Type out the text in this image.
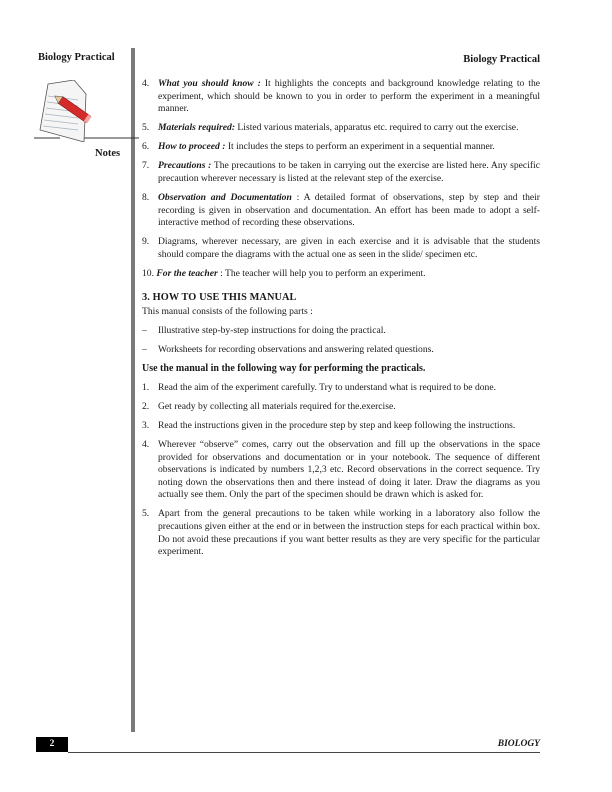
Biology Practical	Biology Practical
Notes
4. What you should know : It highlights the concepts and background knowledge relating to the experiment, which should be known to you in order to perform the experiment in a meaningful manner.
5. Materials required: Listed various materials, apparatus etc. required to carry out the exercise.
6. How to proceed : It includes the steps to perform an experiment in a sequential manner.
7. Precautions : The precautions to be taken in carrying out the exercise are listed here. Any specific precaution wherever necessary is listed at the relevant step of the exercise.
8. Observation and Documentation : A detailed format of observations, step by step and their recording is given in observation and documentation. An effort has been made to adopt a self-interactive method of recording these observations.
9. Diagrams, wherever necessary, are given in each exercise and it is advisable that the students should compare the diagrams with the actual one as seen in the slide/ specimen etc.
10. For the teacher : The teacher will help you to perform an experiment.
3. HOW TO USE THIS MANUAL

This manual consists of the following parts :

– Illustrative step-by-step instructions for doing the practical.
– Worksheets for recording observations and answering related questions.

Use the manual in the following way for performing the practicals.

1. Read the aim of the experiment carefully. Try to understand what is required to be done.
2. Get ready by collecting all materials required for the.exercise.
3. Read the instructions given in the procedure step by step and keep following the instructions.
4. Wherever “observe” comes, carry out the observation and fill up the observations in the space provided for observations and documentation or in your notebook. The sequence of different observations is indicated by numbers 1,2,3 etc. Record observations in the correct sequence. Try noting down the observations then and there instead of doing it later. Draw the diagrams as you actually see them. Only the part of the specimen should be drawn which is asked for.
5. Apart from the general precautions to be taken while working in a laboratory also follow the precautions given either at the end or in between the instruction steps for each practical within box. Do not avoid these precautions if you want better results as they are very specific for the particular experiment.
2	BIOLOGY
